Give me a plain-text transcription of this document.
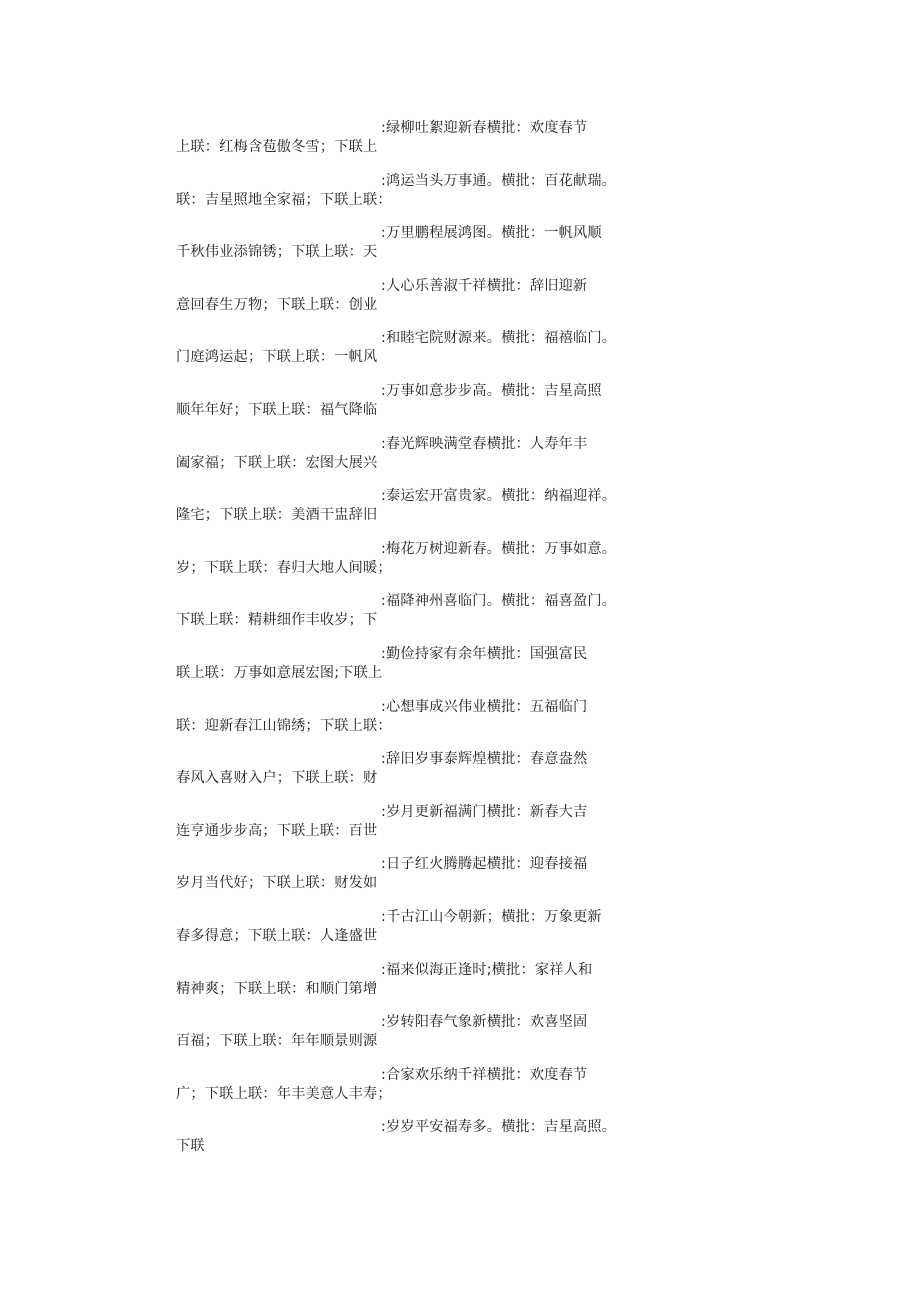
上联：红梅含苞傲冬雪；下联上
联：吉星照地全家福；下联上联：
千秋伟业添锦锈；下联上联：天
意回春生万物；下联上联：创业
门庭鸿运起；下联上联：一帆风
顺年年好；下联上联：福气降临
阖家福；下联上联：宏图大展兴
隆宅；下联上联：美酒干盅辞旧
岁；下联上联：春归大地人间暖；
下联上联：精耕细作丰收岁；下
联上联：万事如意展宏图;下联上
联：迎新春江山锦绣；下联上联：
春风入喜财入户；下联上联：财
连亨通步步高；下联上联：百世
岁月当代好；下联上联：财发如
春多得意；下联上联：人逢盛世
精神爽；下联上联：和顺门第增
百福；下联上联：年年顺景则源
广；下联上联：年丰美意人丰寿；
下联
:绿柳吐絮迎新春横批：欢度春节
:鸿运当头万事通。横批：百花献瑞。
:万里鹏程展鸿图。横批：一帆风顺
:人心乐善淑千祥横批：辞旧迎新
:和睦宅院财源来。横批：福禧临门。
:万事如意步步高。横批：吉星高照
:春光辉映满堂春横批：人寿年丰
:泰运宏开富贵家。横批：纳福迎祥。
:梅花万树迎新春。横批：万事如意。
:福降神州喜临门。横批：福喜盈门。
:勤俭持家有余年横批：国强富民
:心想事成兴伟业横批：五福临门
:辞旧岁事泰辉煌横批：春意盎然
:岁月更新福满门横批：新春大吉
:日子红火腾腾起横批：迎春接福
:千古江山今朝新；横批：万象更新
:福来似海正逢时;横批：家祥人和
:岁转阳春气象新横批：欢喜坚固
:合家欢乐纳千祥横批：欢度春节
:岁岁平安福寿多。横批：吉星高照。
